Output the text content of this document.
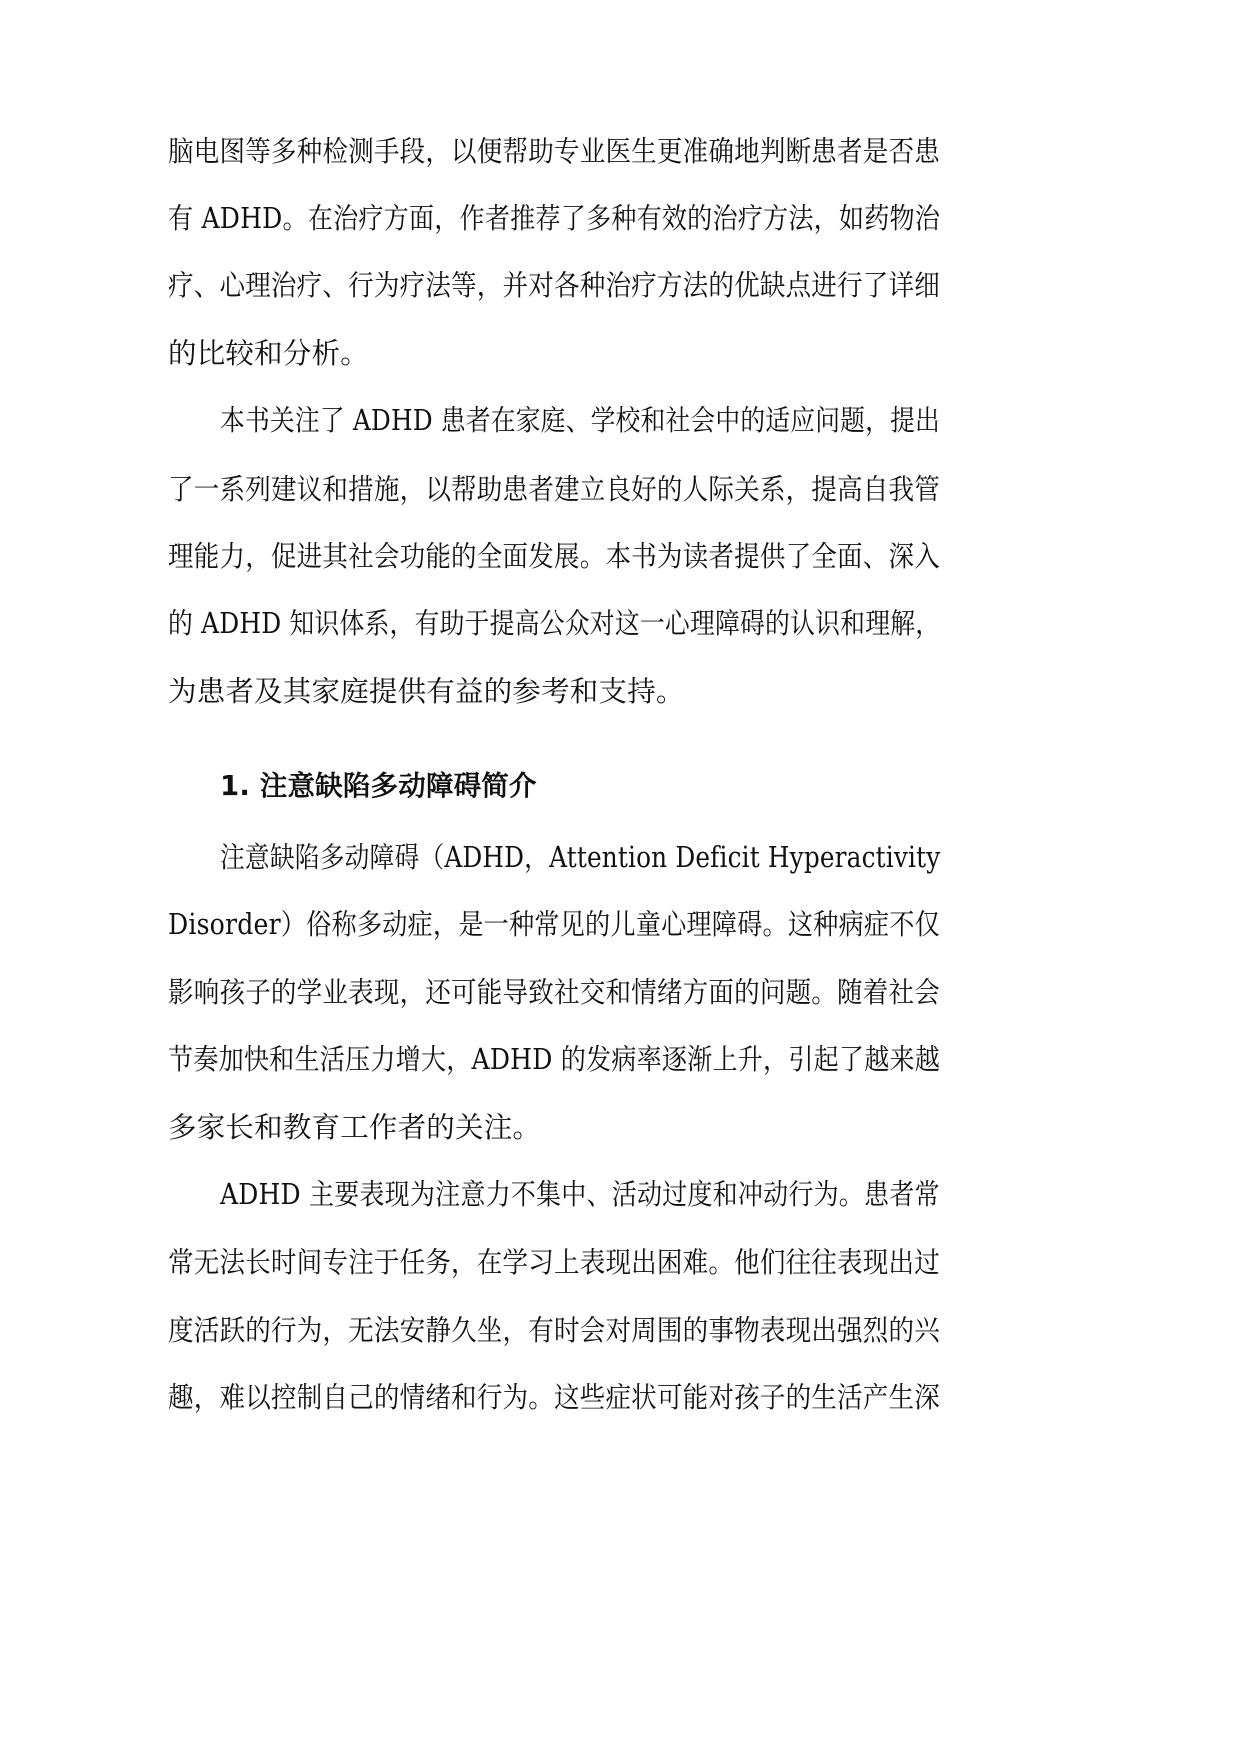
脑电图等多种检测手段，以便帮助专业医生更准确地判断患者是否患
有 ADHD。在治疗方面，作者推荐了多种有效的治疗方法，如药物治
疗、心理治疗、行为疗法等，并对各种治疗方法的优缺点进行了详细
的比较和分析。
本书关注了 ADHD 患者在家庭、学校和社会中的适应问题，提出
了一系列建议和措施，以帮助患者建立良好的人际关系，提高自我管
理能力，促进其社会功能的全面发展。本书为读者提供了全面、深入
的 ADHD 知识体系，有助于提高公众对这一心理障碍的认识和理解，
为患者及其家庭提供有益的参考和支持。
1. 注意缺陷多动障碍简介
注意缺陷多动障碍（ADHD，Attention Deficit Hyperactivity
Disorder）俗称多动症，是一种常见的儿童心理障碍。这种病症不仅
影响孩子的学业表现，还可能导致社交和情绪方面的问题。随着社会
节奏加快和生活压力增大，ADHD 的发病率逐渐上升，引起了越来越
多家长和教育工作者的关注。
ADHD 主要表现为注意力不集中、活动过度和冲动行为。患者常
常无法长时间专注于任务，在学习上表现出困难。他们往往表现出过
度活跃的行为，无法安静久坐，有时会对周围的事物表现出强烈的兴
趣，难以控制自己的情绪和行为。这些症状可能对孩子的生活产生深
